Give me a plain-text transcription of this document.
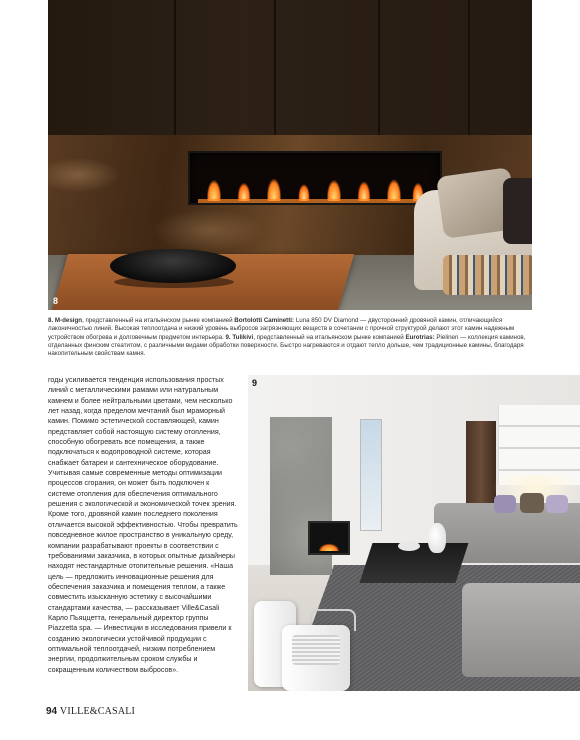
8
8. M-design, представленный на итальянском рынке компанией Bortolotti Caminetti: Luna 850 DV Diamond — двусторонний дровяной камин, отличающийся лаконичностью линий. Высокая теплоотдача и низкий уровень выбросов загрязняющих веществ в сочетании с прочной структурой делают этот камин надежным устройством обогрева и долговечным предметом интерьера. 9. Tulikivi, представленный на итальянском рынке компанией Eurotrias: Pielinen — коллекция каминов, отделанных финским стеатитом, с различными видами обработки поверхности. Быстро нагреваются и отдают тепло дольше, чем традиционные камины, благодаря накопительным свойствам камня.
годы усиливается тенденция использования простых линий с металлическими рамами или натуральным камнем и более нейтральными цветами, чем несколько лет назад, когда пределом мечтаний был мраморный камин. Помимо эстетической составляющей, камин представляет собой настоящую систему отопления, способную обогревать все помещения, а также подключаться к водопроводной системе, которая снабжает батареи и сантехническое оборудование. Учитывая самые современные методы оптимизации процессов сгорания, он может быть подключен к системе отопления для обеспечения оптимального решения с экологической и экономической точек зрения. Кроме того, дровяной камин последнего поколения отличается высокой эффективностью. Чтобы превратить повседневное жилое пространство в уникальную среду, компании разрабатывают проекты в соответствии с требованиями заказчика, в которых опытные дизайнеры находят нестандартные отопительные решения. «Наша цель — предложить инновационные решения для обеспечения заказчика и помещения теплом, а также совместить изысканную эстетику с высочайшими стандартами качества, — рассказывает Ville&Casali Карло Пьяццетта, генеральный директор группы Piazzetta spa. — Инвестиции в исследования привели к созданию экологически устойчивой продукции с оптимальной теплоотдачей, низким потреблением энергии, продолжительным сроком службы и сокращенным количеством выбросов».
9
94 VILLE&CASALI
